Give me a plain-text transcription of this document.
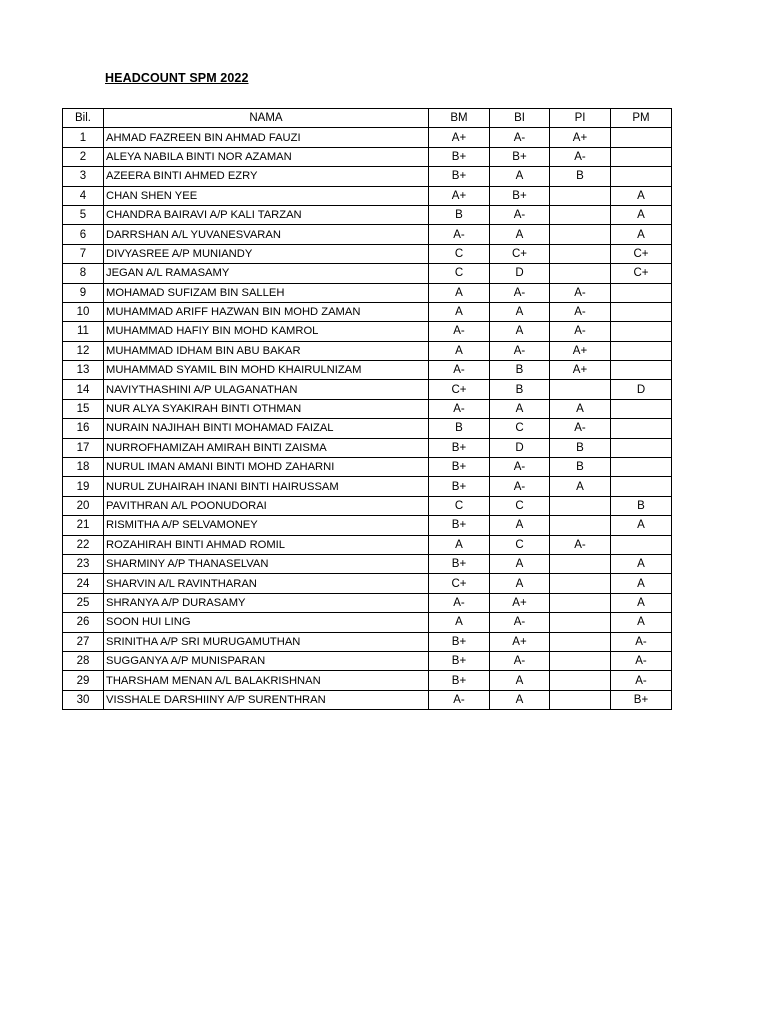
HEADCOUNT SPM 2022
Bil.	NAMA	BM	BI	PI	PM
1	AHMAD FAZREEN BIN AHMAD FAUZI	A+	A-	A+	
2	ALEYA NABILA BINTI NOR AZAMAN	B+	B+	A-	
3	AZEERA BINTI AHMED EZRY	B+	A	B	
4	CHAN SHEN YEE	A+	B+		A
5	CHANDRA BAIRAVI A/P KALI TARZAN	B	A-		A
6	DARRSHAN A/L YUVANESVARAN	A-	A		A
7	DIVYASREE A/P MUNIANDY	C	C+		C+
8	JEGAN A/L RAMASAMY	C	D		C+
9	MOHAMAD SUFIZAM BIN SALLEH	A	A-	A-	
10	MUHAMMAD ARIFF HAZWAN BIN MOHD ZAMAN	A	A	A-	
11	MUHAMMAD HAFIY BIN MOHD KAMROL	A-	A	A-	
12	MUHAMMAD IDHAM BIN ABU BAKAR	A	A-	A+	
13	MUHAMMAD SYAMIL BIN MOHD KHAIRULNIZAM	A-	B	A+	
14	NAVIYTHASHINI A/P ULAGANATHAN	C+	B		D
15	NUR ALYA SYAKIRAH BINTI OTHMAN	A-	A	A	
16	NURAIN NAJIHAH BINTI MOHAMAD FAIZAL	B	C	A-	
17	NURROFHAMIZAH AMIRAH BINTI ZAISMA	B+	D	B	
18	NURUL IMAN AMANI BINTI MOHD ZAHARNI	B+	A-	B	
19	NURUL ZUHAIRAH INANI BINTI HAIRUSSAM	B+	A-	A	
20	PAVITHRAN A/L POONUDORAI	C	C		B
21	RISMITHA A/P SELVAMONEY	B+	A		A
22	ROZAHIRAH BINTI AHMAD ROMIL	A	C	A-	
23	SHARMINY A/P THANASELVAN	B+	A		A
24	SHARVIN A/L RAVINTHARAN	C+	A		A
25	SHRANYA A/P DURASAMY	A-	A+		A
26	SOON HUI LING	A	A-		A
27	SRINITHA A/P SRI MURUGAMUTHAN	B+	A+		A-
28	SUGGANYA A/P MUNISPARAN	B+	A-		A-
29	THARSHAM MENAN A/L BALAKRISHNAN	B+	A		A-
30	VISSHALE DARSHIINY A/P SURENTHRAN	A-	A		B+
